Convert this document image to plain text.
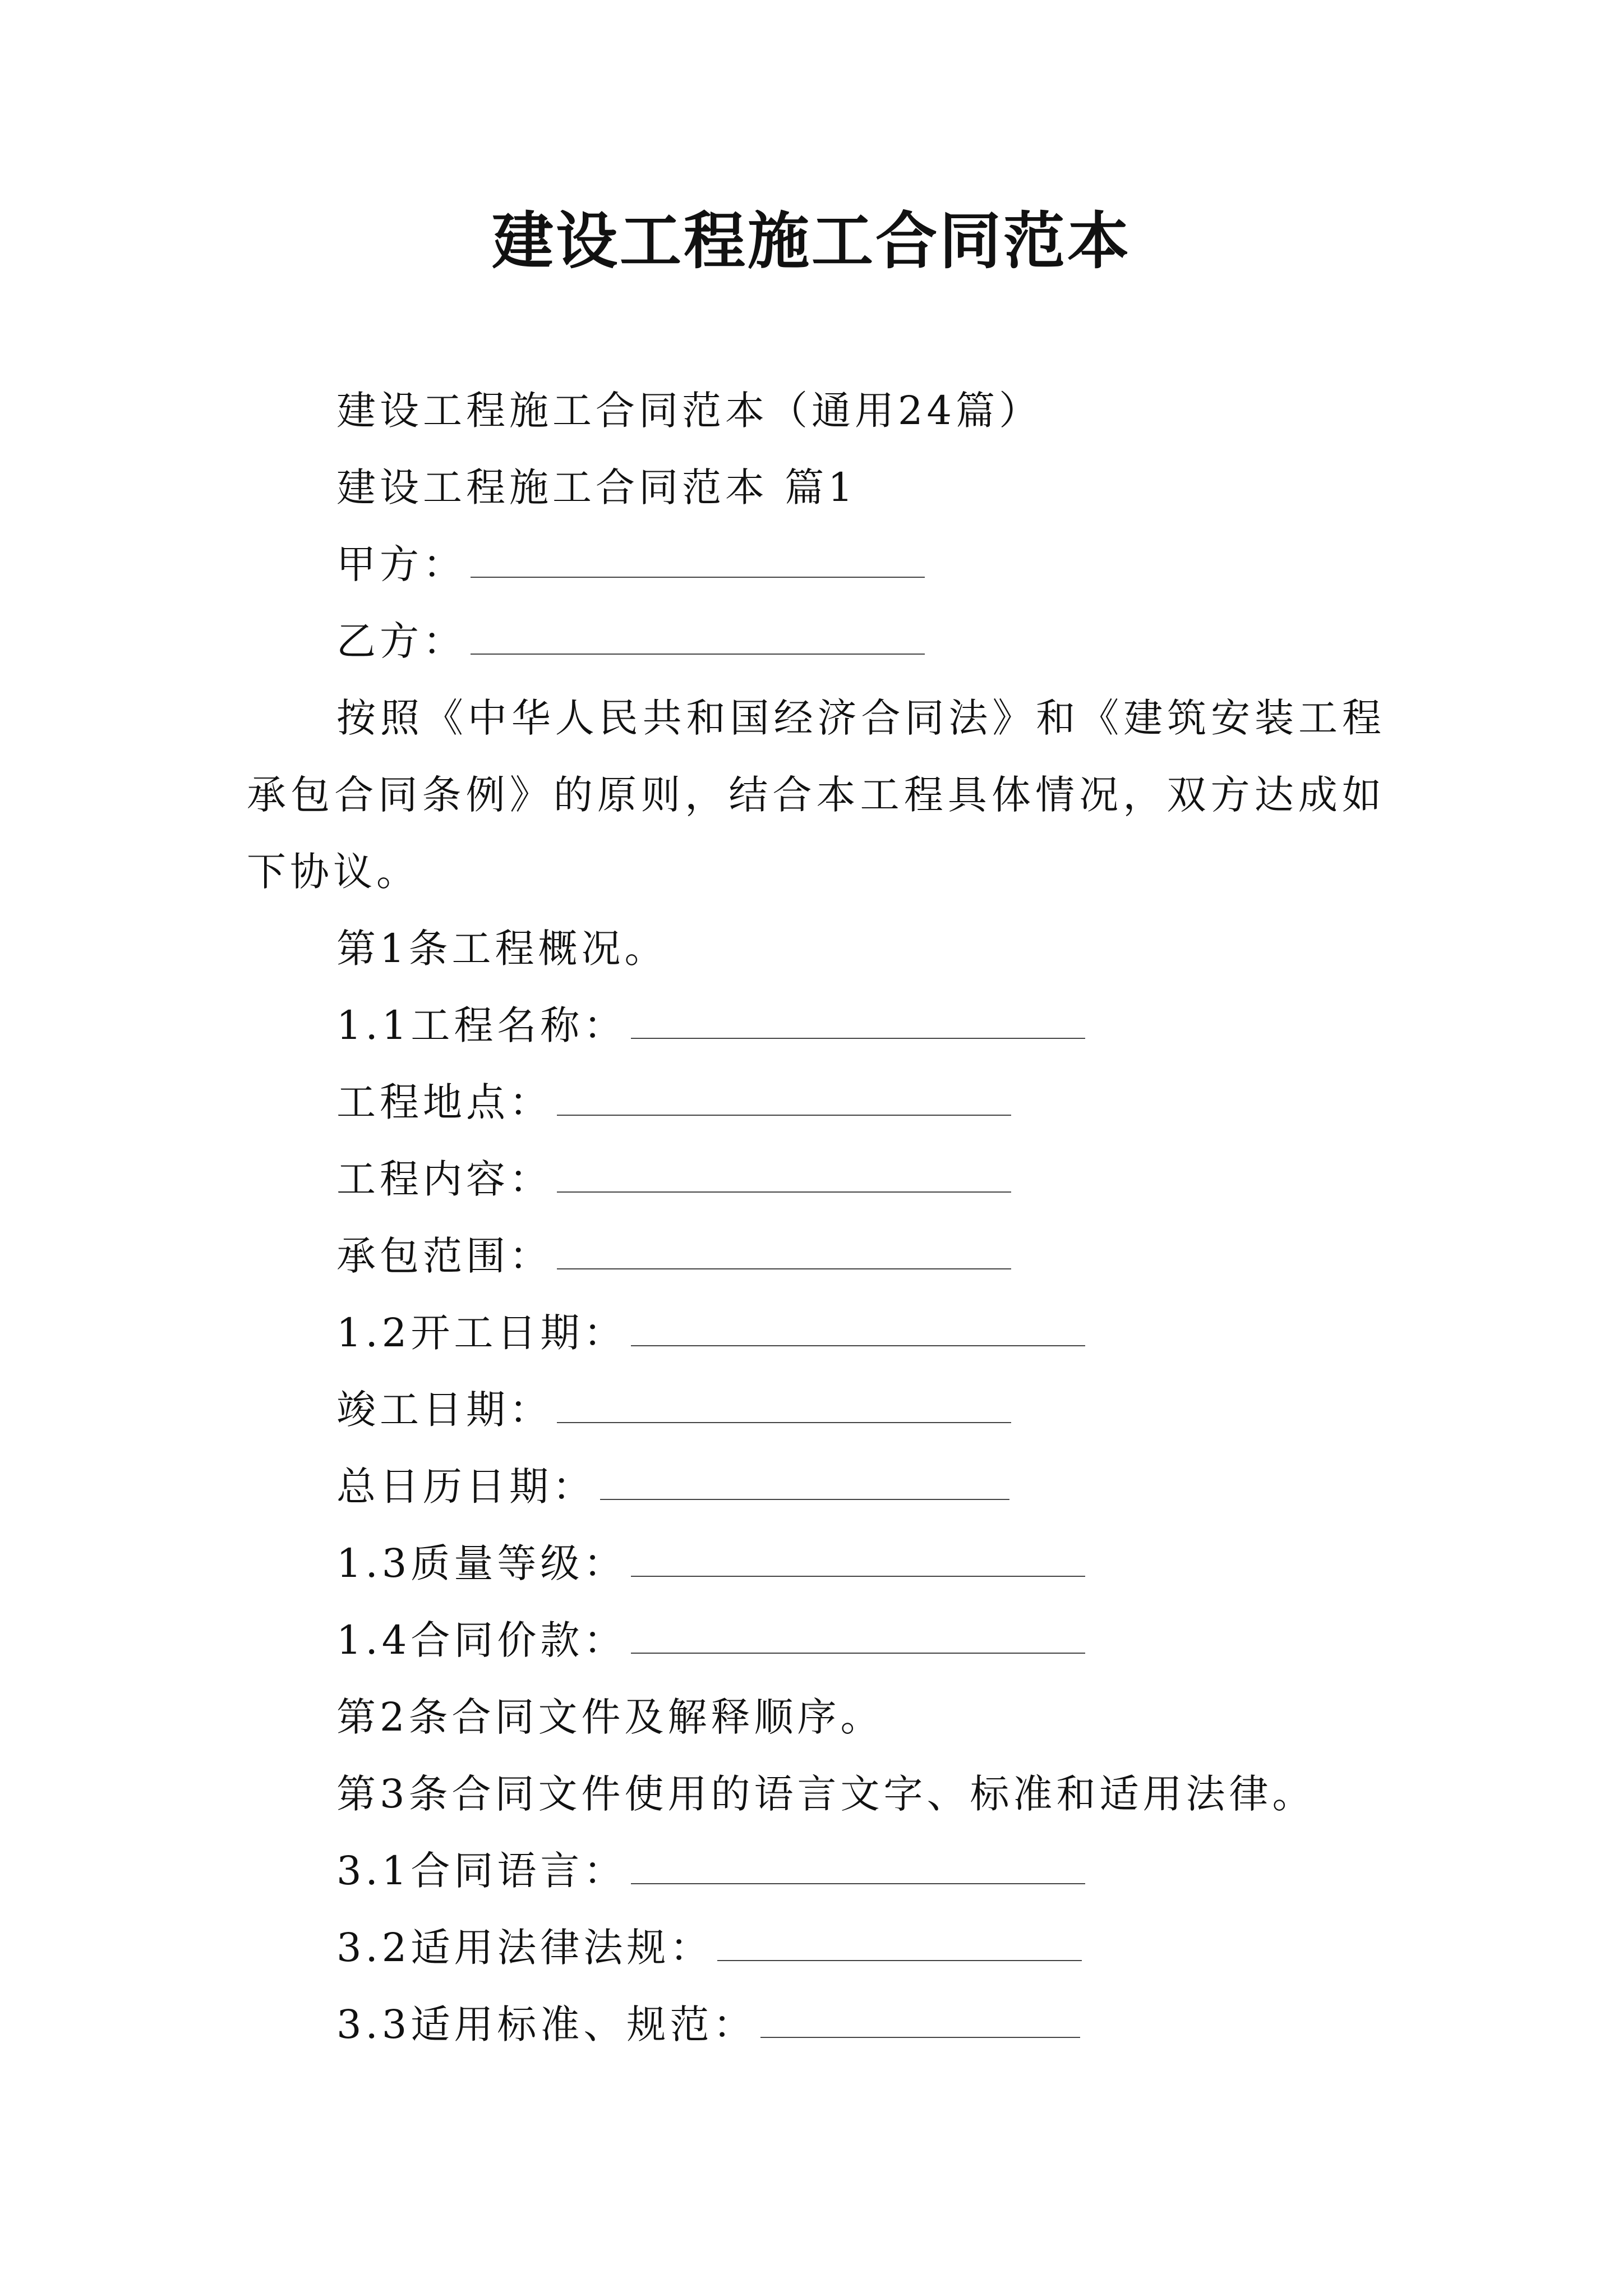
建设工程施工合同范本
建设工程施工合同范本（通用24篇）
建设工程施工合同范本 篇1
甲方：
乙方：
按照《中华人民共和国经济合同法》和《建筑安装工程承包合同条例》的原则，结合本工程具体情况，双方达成如下协议。
第1条工程概况。
1.1工程名称：
工程地点：
工程内容：
承包范围：
1.2开工日期：
竣工日期：
总日历日期：
1.3质量等级：
1.4合同价款：
第2条合同文件及解释顺序。
第3条合同文件使用的语言文字、标准和适用法律。
3.1合同语言：
3.2适用法律法规：
3.3适用标准、规范：
